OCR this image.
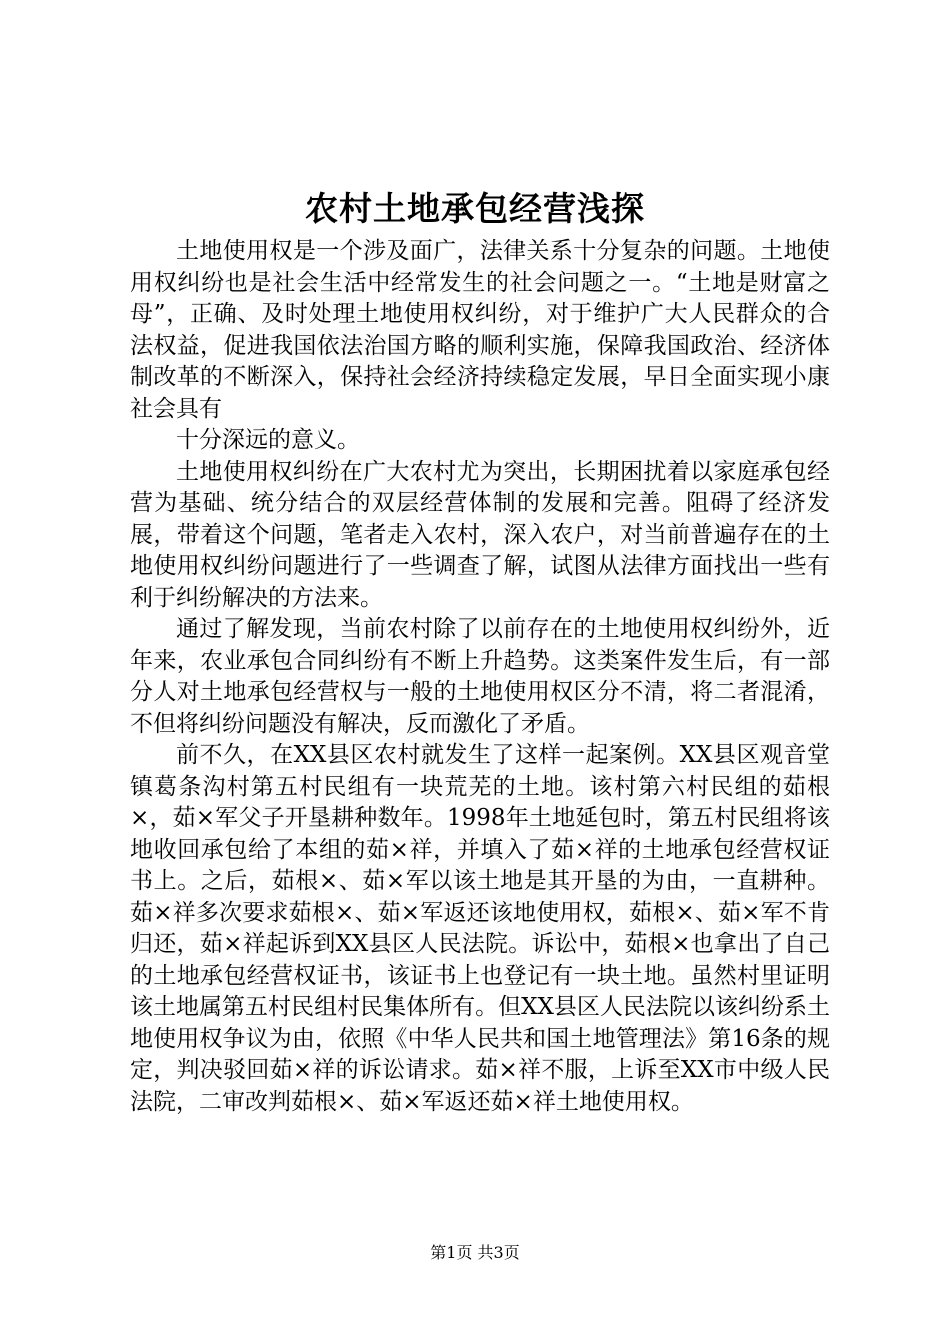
农村土地承包经营浅探

土地使用权是一个涉及面广，法律关系十分复杂的问题。土地使用权纠纷也是社会生活中经常发生的社会问题之一。“土地是财富之母”，正确、及时处理土地使用权纠纷，对于维护广大人民群众的合法权益，促进我国依法治国方略的顺利实施，保障我国政治、经济体制改革的不断深入，保持社会经济持续稳定发展，早日全面实现小康社会具有

十分深远的意义。

土地使用权纠纷在广大农村尤为突出，长期困扰着以家庭承包经营为基础、统分结合的双层经营体制的发展和完善。阻碍了经济发展，带着这个问题，笔者走入农村，深入农户，对当前普遍存在的土地使用权纠纷问题进行了一些调查了解，试图从法律方面找出一些有利于纠纷解决的方法来。

通过了解发现，当前农村除了以前存在的土地使用权纠纷外，近年来，农业承包合同纠纷有不断上升趋势。这类案件发生后，有一部分人对土地承包经营权与一般的土地使用权区分不清，将二者混淆，不但将纠纷问题没有解决，反而激化了矛盾。

前不久，在XX县区农村就发生了这样一起案例。XX县区观音堂镇葛条沟村第五村民组有一块荒芜的土地。该村第六村民组的茹根×，茹×军父子开垦耕种数年。1998年土地延包时，第五村民组将该地收回承包给了本组的茹×祥，并填入了茹×祥的土地承包经营权证书上。之后，茹根×、茹×军以该土地是其开垦的为由，一直耕种。茹×祥多次要求茹根×、茹×军返还该地使用权，茹根×、茹×军不肯归还，茹×祥起诉到XX县区人民法院。诉讼中，茹根×也拿出了自己的土地承包经营权证书，该证书上也登记有一块土地。虽然村里证明该土地属第五村民组村民集体所有。但XX县区人民法院以该纠纷系土地使用权争议为由，依照《中华人民共和国土地管理法》第16条的规定，判决驳回茹×祥的诉讼请求。茹×祥不服，上诉至XX市中级人民法院，二审改判茹根×、茹×军返还茹×祥土地使用权。

第1页 共3页
